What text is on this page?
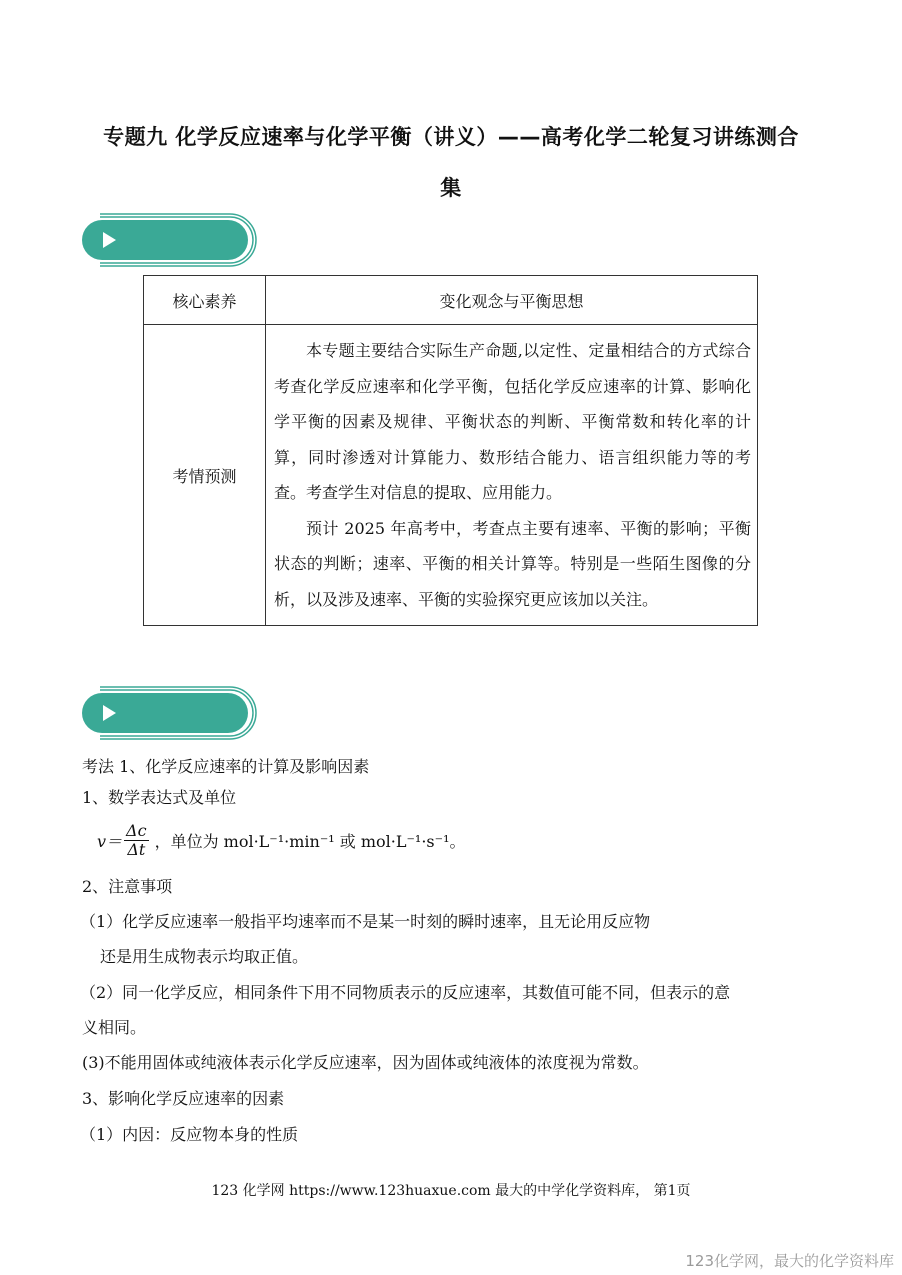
专题九 化学反应速率与化学平衡（讲义）——高考化学二轮复习讲练测合
集
核心素养	变化观念与平衡思想
考情预测	本专题主要结合实际生产命题,以定性、定量相结合的方式综合考查化学反应速率和化学平衡，包括化学反应速率的计算、影响化学平衡的因素及规律、平衡状态的判断、平衡常数和转化率的计算，同时渗透对计算能力、数形结合能力、语言组织能力等的考查。考查学生对信息的提取、应用能力。

预计 2025 年高考中，考查点主要有速率、平衡的影响；平衡状态的判断；速率、平衡的相关计算等。特别是一些陌生图像的分析，以及涉及速率、平衡的实验探究更应该加以关注。

考法 1、化学反应速率的计算及影响因素
1、数学表达式及单位
2、注意事项
（1）化学反应速率一般指平均速率而不是某一时刻的瞬时速率，且无论用反应物
还是用生成物表示均取正值。
（2）同一化学反应，相同条件下用不同物质表示的反应速率，其数值可能不同，但表示的意
义相同。
(3)不能用固体或纯液体表示化学反应速率，因为固体或纯液体的浓度视为常数。
3、影响化学反应速率的因素
（1）内因：反应物本身的性质
$v= \frac{\Delta c}{\Delta t}$ ，单位为 mol·L⁻¹·min⁻¹ 或 mol·L⁻¹·s⁻¹。
123 化学网 https://www.123huaxue.com 最大的中学化学资料库， 第1页
123化学网，最大的化学资料库
